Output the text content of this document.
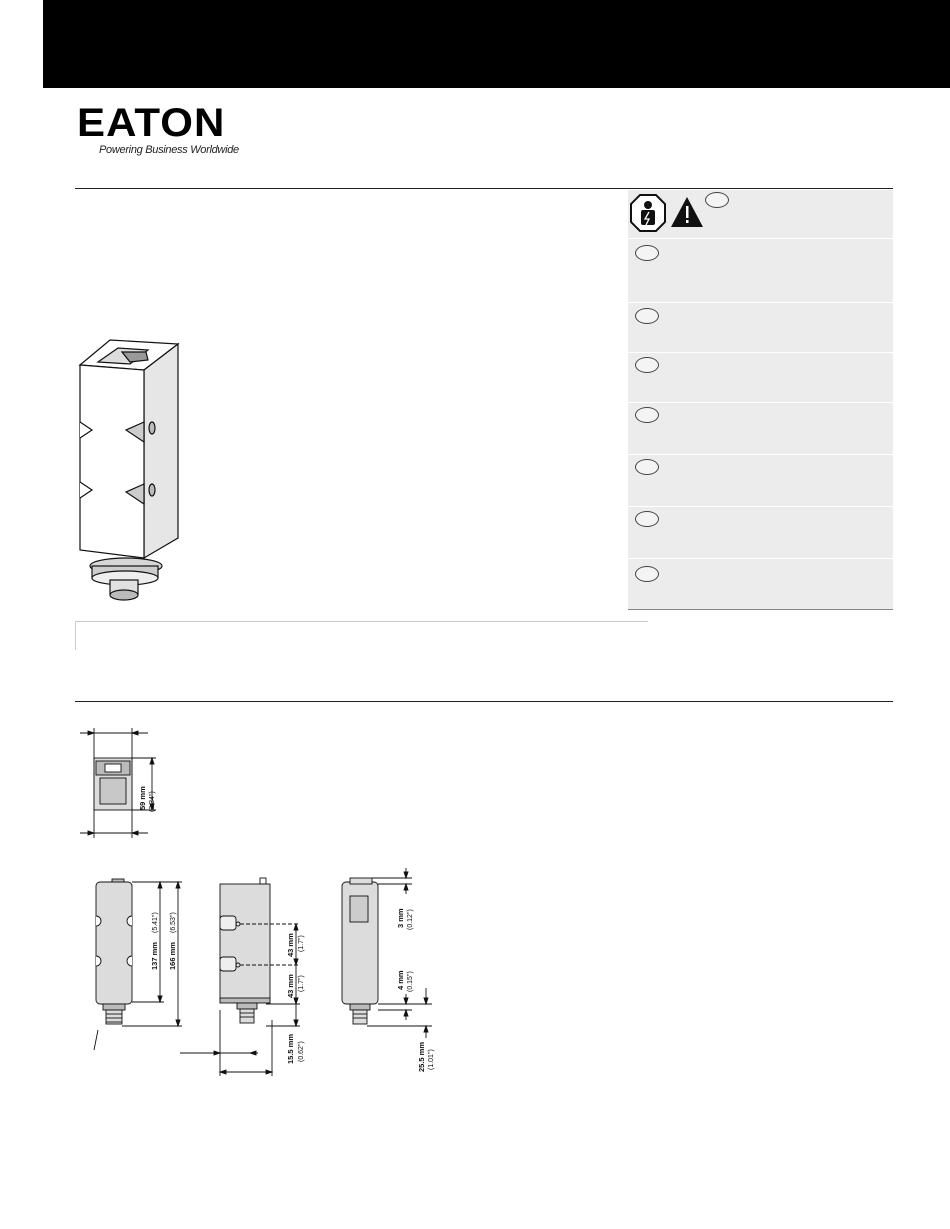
EATON
Powering Business Worldwide
59 mm (2.34")
137 mm
(5.41")
166 mm
(6.53")
43 mm (1.7")
43 mm (1.7")
15.5 mm (0.62")
3 mm (0.12")
4 mm (0.15")
25.5 mm (1.01")
